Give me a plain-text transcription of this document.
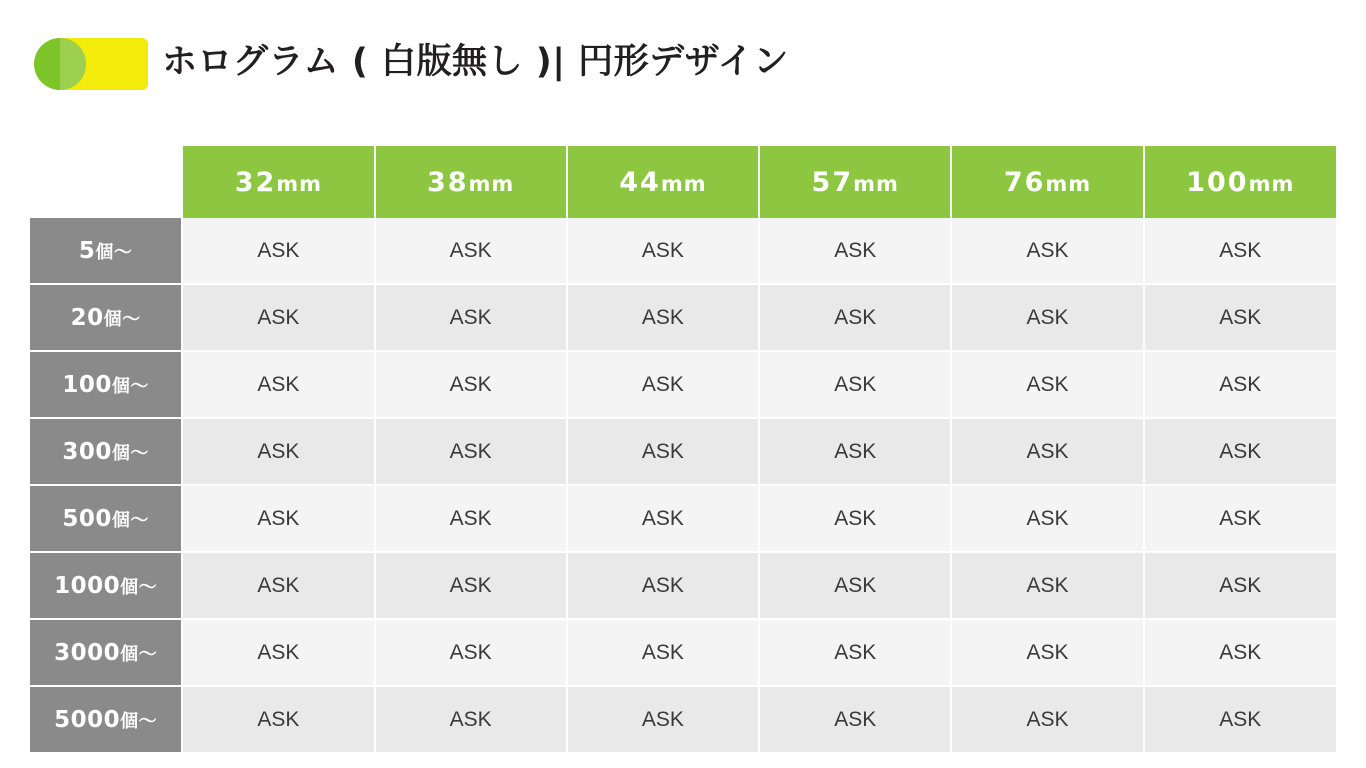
ホログラム ( 白版無し )| 円形デザイン
	32mm	38mm	44mm	57mm	76mm	100mm
5個〜	ASK	ASK	ASK	ASK	ASK	ASK
20個〜	ASK	ASK	ASK	ASK	ASK	ASK
100個〜	ASK	ASK	ASK	ASK	ASK	ASK
300個〜	ASK	ASK	ASK	ASK	ASK	ASK
500個〜	ASK	ASK	ASK	ASK	ASK	ASK
1000個〜	ASK	ASK	ASK	ASK	ASK	ASK
3000個〜	ASK	ASK	ASK	ASK	ASK	ASK
5000個〜	ASK	ASK	ASK	ASK	ASK	ASK
